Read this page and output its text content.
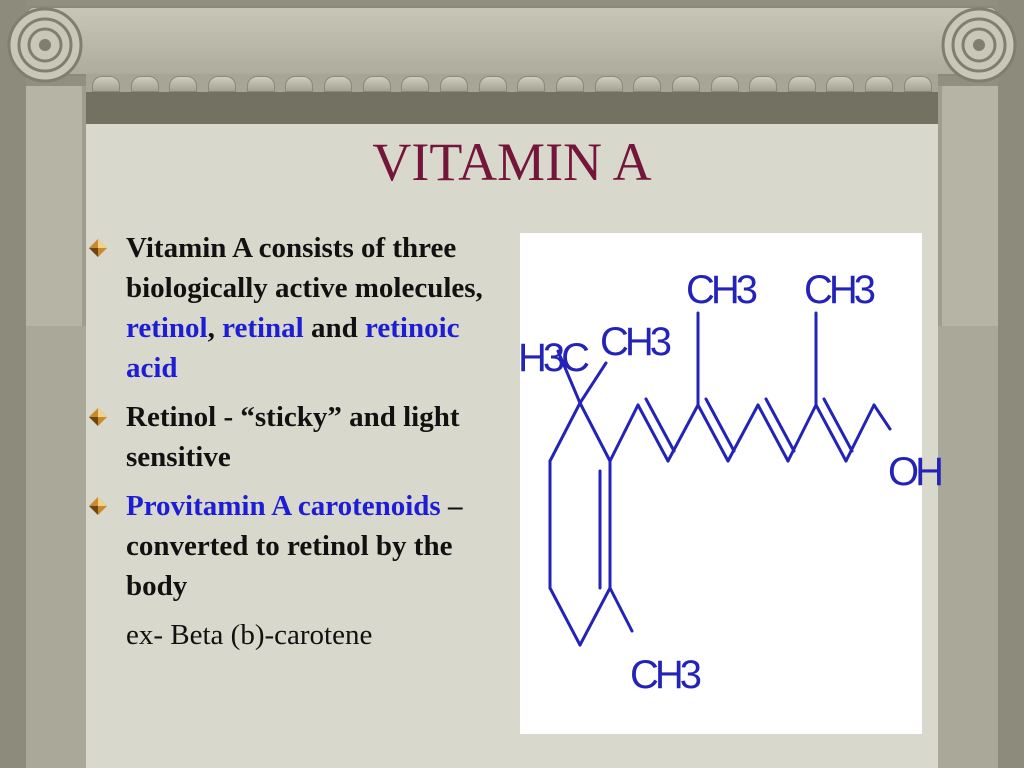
VITAMIN A
Vitamin A consists of three biologically active molecules, retinol, retinal and retinoic acid
Retinol - “sticky” and light sensitive
Provitamin A carotenoids – converted to retinol by the body
ex- Beta (b)-carotene
H3C CH3
CH3 CH3
CH3
OH
